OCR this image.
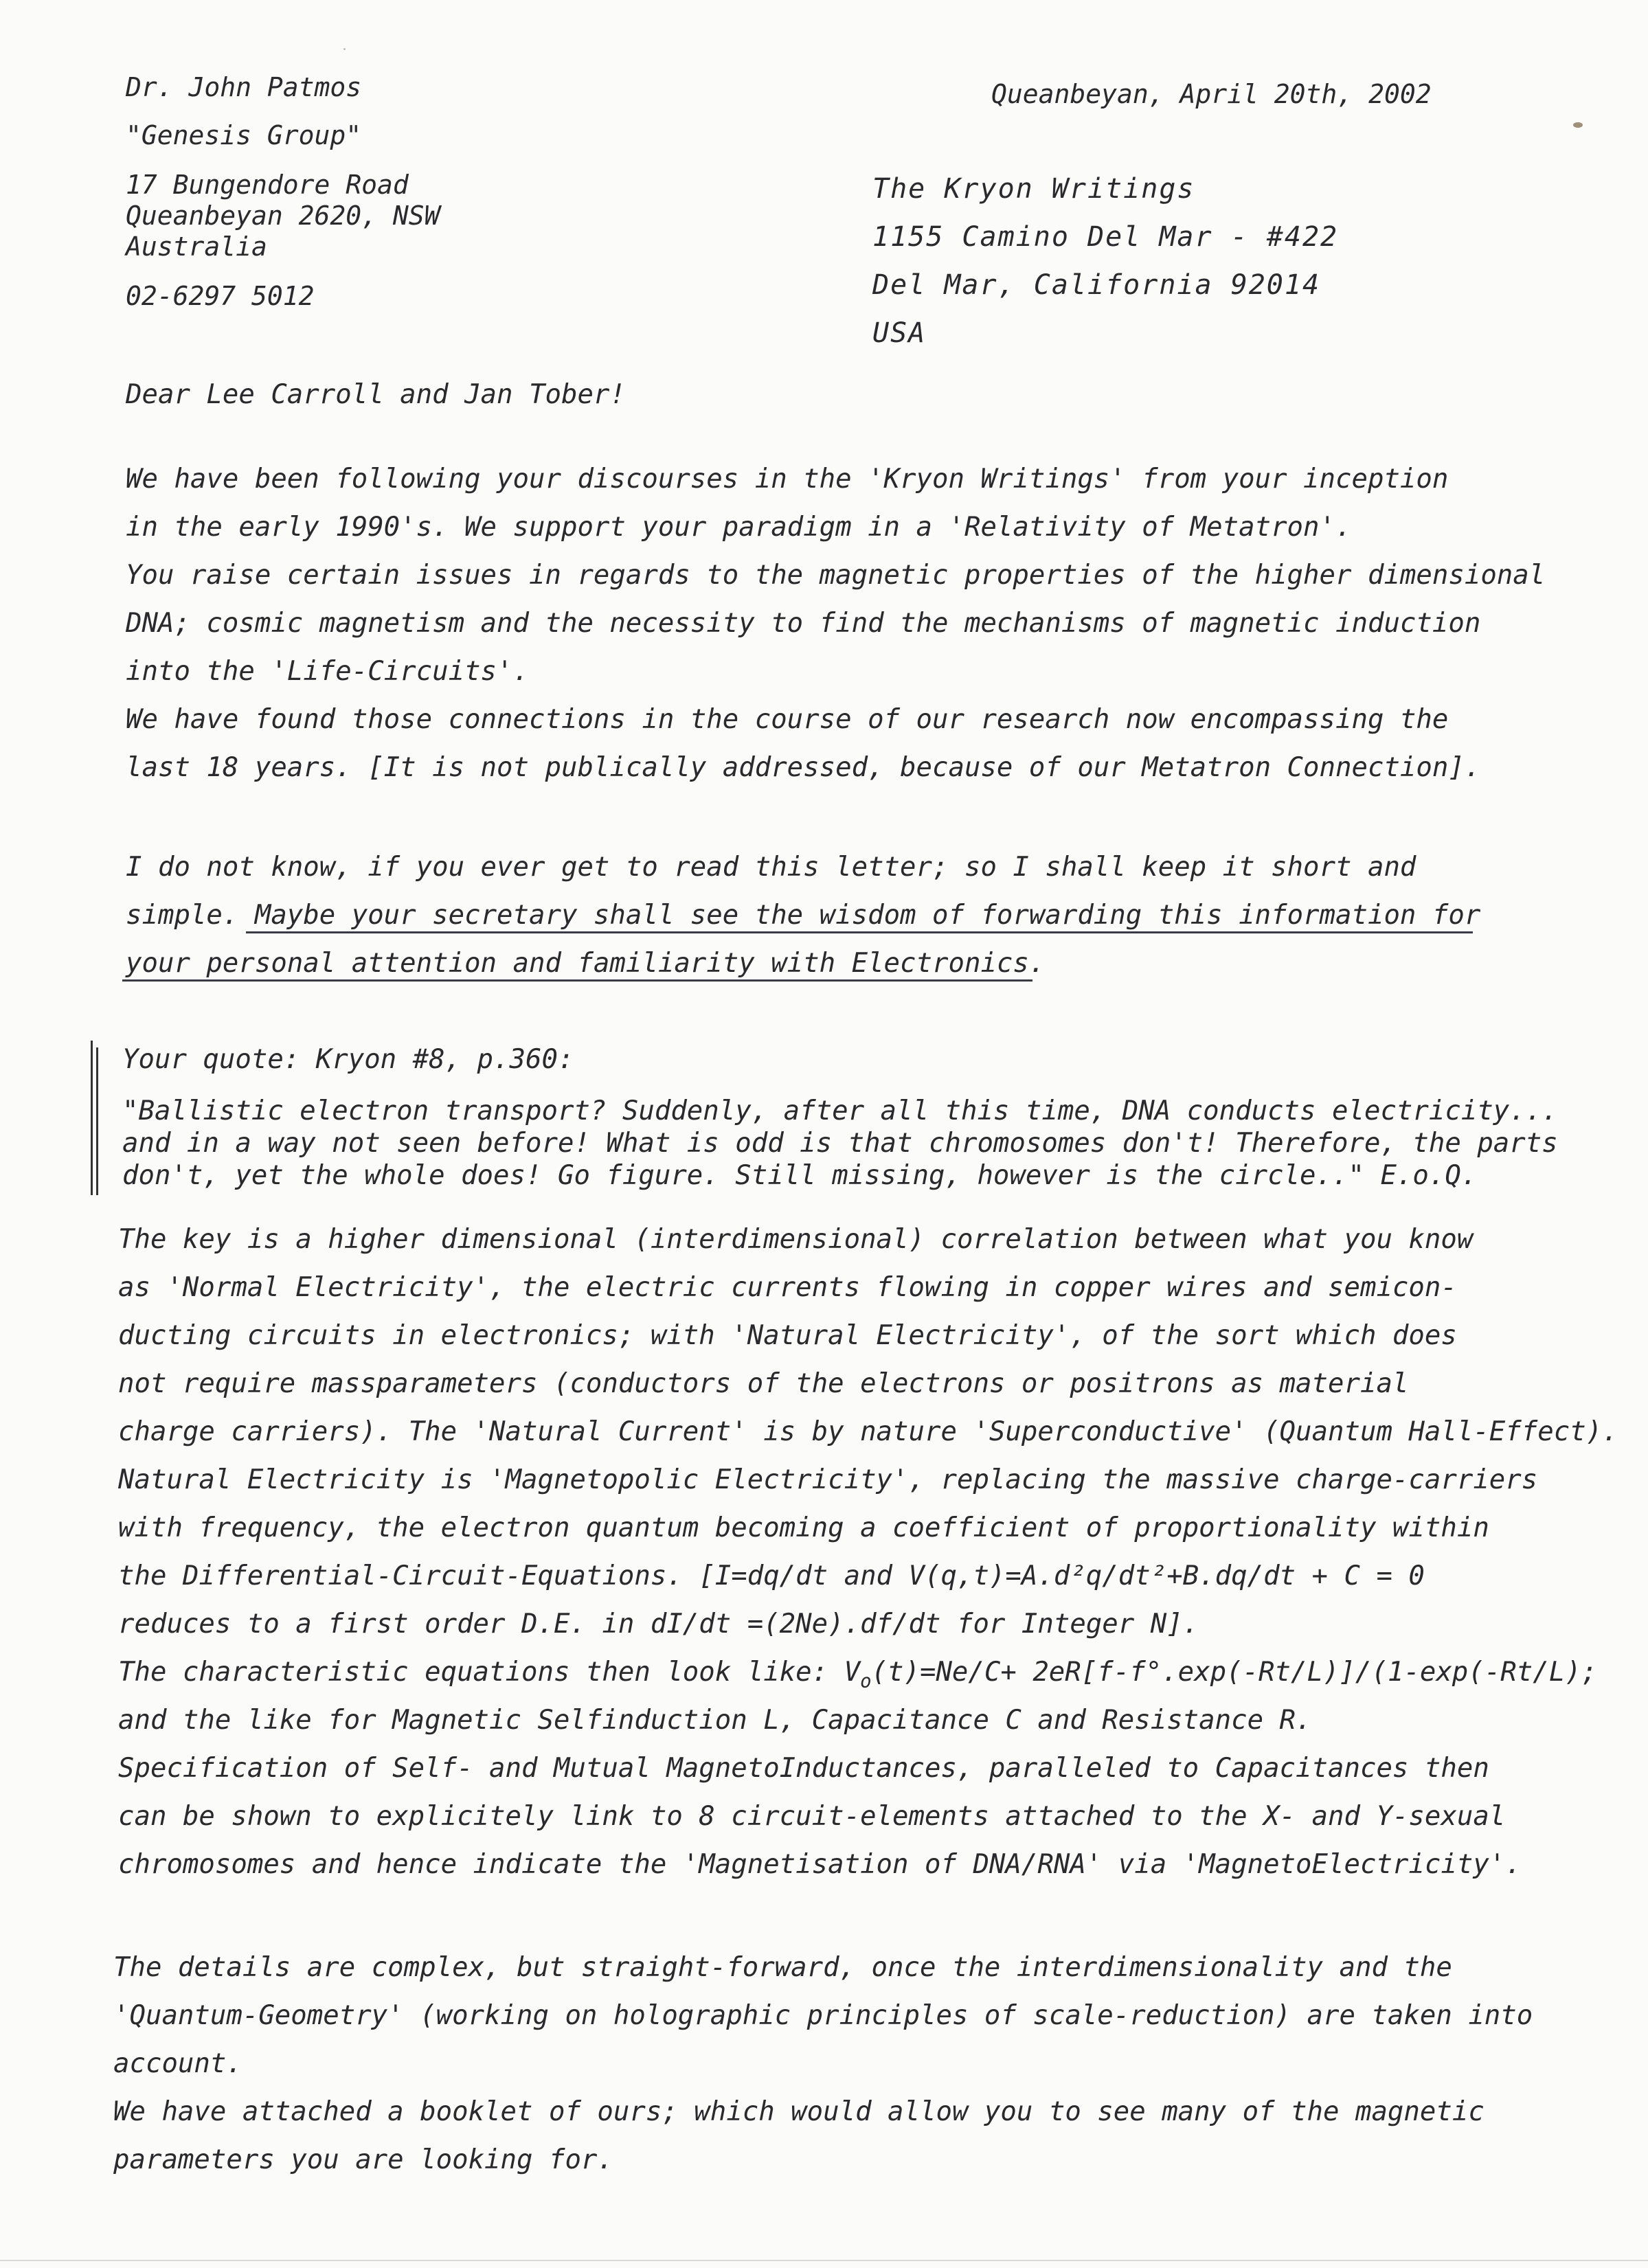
Dr. John Patmos
"Genesis Group"
17 Bungendore Road
Queanbeyan 2620, NSW
Australia
02-6297 5012
Queanbeyan, April 20th, 2002
The Kryon Writings
1155 Camino Del Mar - #422
Del Mar, California 92014
USA
Dear Lee Carroll and Jan Tober!
We have been following your discourses in the 'Kryon Writings' from your inception
in the early 1990's. We support your paradigm in a 'Relativity of Metatron'.
You raise certain issues in regards to the magnetic properties of the higher dimensional
DNA; cosmic magnetism and the necessity to find the mechanisms of magnetic induction
into the 'Life-Circuits'.
We have found those connections in the course of our research now encompassing the
last 18 years. [It is not publically addressed, because of our Metatron Connection].
I do not know, if you ever get to read this letter; so I shall keep it short and
simple. Maybe your secretary shall see the wisdom of forwarding this information for
your personal attention and familiarity with Electronics.
Your quote: Kryon #8, p.360:
"Ballistic electron transport? Suddenly, after all this time, DNA conducts electricity...
and in a way not seen before! What is odd is that chromosomes don't! Therefore, the parts
don't, yet the whole does! Go figure. Still missing, however is the circle.." E.o.Q.
The key is a higher dimensional (interdimensional) correlation between what you know
as 'Normal Electricity', the electric currents flowing in copper wires and semicon-
ducting circuits in electronics; with 'Natural Electricity', of the sort which does
not require massparameters (conductors of the electrons or positrons as material
charge carriers). The 'Natural Current' is by nature 'Superconductive' (Quantum Hall-Effect).
Natural Electricity is 'Magnetopolic Electricity', replacing the massive charge-carriers
with frequency, the electron quantum becoming a coefficient of proportionality within
the Differential-Circuit-Equations. [I=dq/dt and V(q,t)=A.d²q/dt²+B.dq/dt + C = 0
reduces to a first order D.E. in dI/dt =(2Ne).df/dt for Integer N].
The characteristic equations then look like: $V_o(t)=Ne/C+ 2eR[f-f^\circ.\exp(-Rt/L)]/(1-\exp(-Rt/L)$;
and the like for Magnetic Selfinduction L, Capacitance C and Resistance R.
Specification of Self- and Mutual MagnetoInductances, paralleled to Capacitances then
can be shown to explicitely link to 8 circuit-elements attached to the X- and Y-sexual
chromosomes and hence indicate the 'Magnetisation of DNA/RNA' via 'MagnetoElectricity'.
The details are complex, but straight-forward, once the interdimensionality and the
'Quantum-Geometry' (working on holographic principles of scale-reduction) are taken into
account.
We have attached a booklet of ours; which would allow you to see many of the magnetic
parameters you are looking for.
